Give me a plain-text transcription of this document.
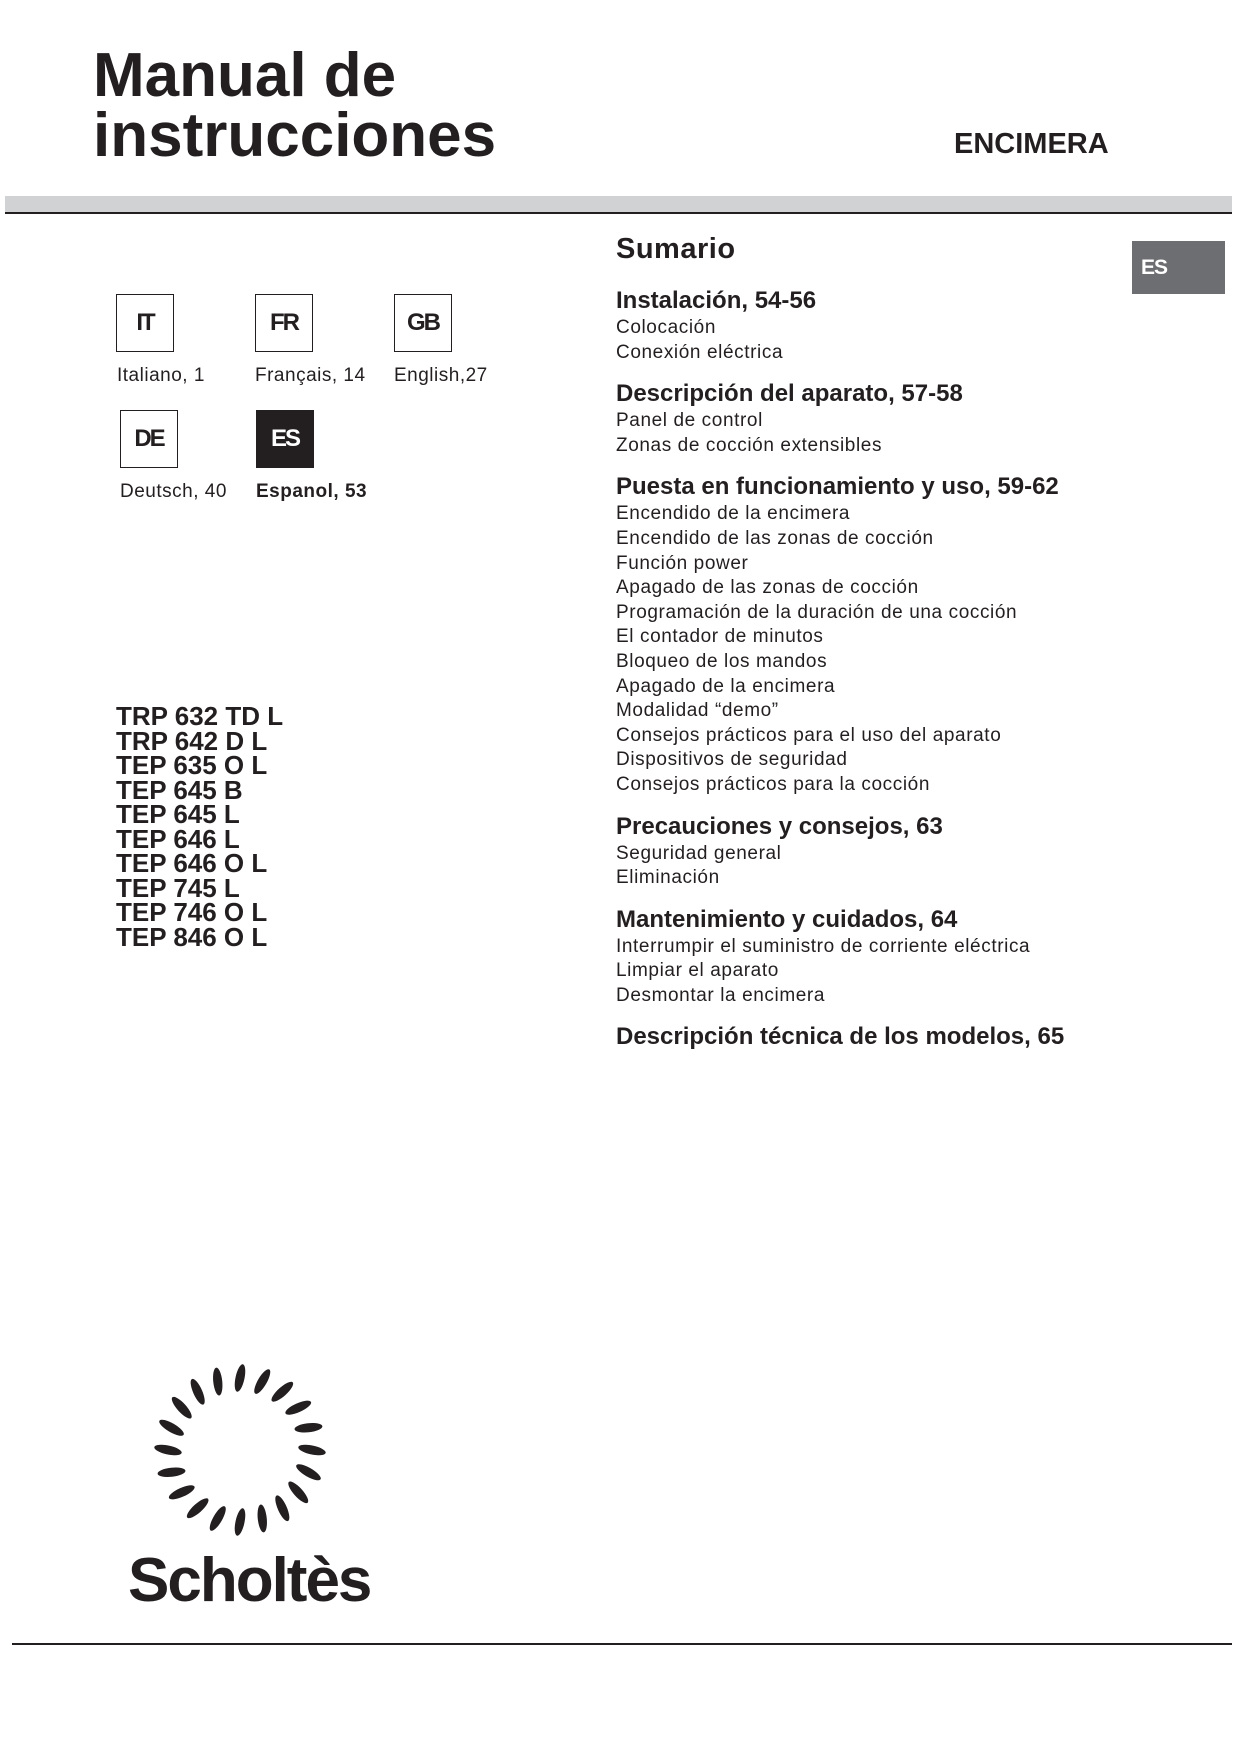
Manual de
instrucciones	ENCIMERA
ES
IT
Italiano, 1
FR
Français, 14
GB
English,27
DE
Deutsch, 40
ES
Espanol, 53
TRP 632 TD L
TRP 642 D L
TEP 635 O L
TEP 645 B
TEP 645 L
TEP 646 L
TEP 646 O L
TEP 745 L
TEP 746 O L
TEP 846 O L
Sumario
Instalación, 54-56
Colocación
Conexión eléctrica
Descripción del aparato, 57-58
Panel de control
Zonas de cocción extensibles
Puesta en funcionamiento y uso, 59-62
Encendido de la encimera
Encendido de las zonas de cocción
Función power
Apagado de las zonas de cocción
Programación de la duración de una cocción
El contador de minutos
Bloqueo de los mandos
Apagado de la encimera
Modalidad “demo”
Consejos prácticos para el uso del aparato
Dispositivos de seguridad
Consejos prácticos para la cocción
Precauciones y consejos, 63
Seguridad general
Eliminación
Mantenimiento y cuidados, 64
Interrumpir el suministro de corriente eléctrica
Limpiar el aparato
Desmontar la encimera
Descripción técnica de los modelos, 65
Scholtès
